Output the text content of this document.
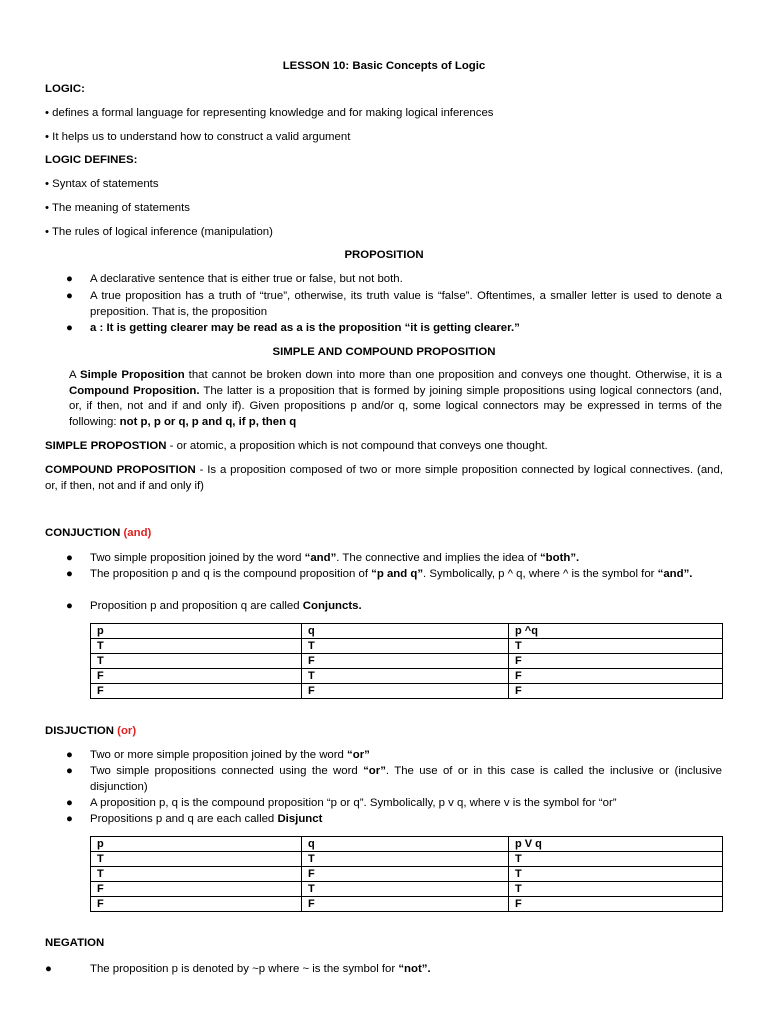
LESSON 10: Basic Concepts of Logic
LOGIC:
• defines a formal language for representing knowledge and for making logical inferences
• It helps us to understand how to construct a valid argument
LOGIC DEFINES:
• Syntax of statements
• The meaning of statements
• The rules of logical inference (manipulation)
PROPOSITION
● A declarative sentence that is either true or false, but not both.
● A true proposition has a truth of “true”, otherwise, its truth value is “false”. Oftentimes, a smaller letter is used to denote a preposition. That is, the proposition
● a : It is getting clearer may be read as a is the proposition “it is getting clearer.”
SIMPLE AND COMPOUND PROPOSITION
A Simple Proposition that cannot be broken down into more than one proposition and conveys one thought. Otherwise, it is a Compound Proposition. The latter is a proposition that is formed by joining simple propositions using logical connectors (and, or, if then, not and if and only if). Given propositions p and/or q, some logical connectors may be expressed in terms of the following: not p, p or q, p and q, if p, then q
SIMPLE PROPOSTION - or atomic, a proposition which is not compound that conveys one thought.
COMPOUND PROPOSITION - Is a proposition composed of two or more simple proposition connected by logical connectives. (and, or, if then, not and if and only if)
CONJUCTION (and)
● Two simple proposition joined by the word “and”. The connective and implies the idea of “both”.
● The proposition p and q is the compound proposition of “p and q”. Symbolically, p ^ q, where ^ is the symbol for “and”.
● Proposition p and proposition q are called Conjuncts.
p	q	p ^q
T	T	T
T	F	F
F	T	F
F	F	F
DISJUCTION (or)
● Two or more simple proposition joined by the word “or”
● Two simple propositions connected using the word “or”. The use of or in this case is called the inclusive or (inclusive disjunction)
● A proposition p, q is the compound proposition “p or q”. Symbolically, p v q, where v is the symbol for “or”
● Propositions p and q are each called Disjunct
p	q	p V q
T	T	T
T	F	T
F	T	T
F	F	F
NEGATION
●	The proposition p is denoted by ~p where ~ is the symbol for “not”.
